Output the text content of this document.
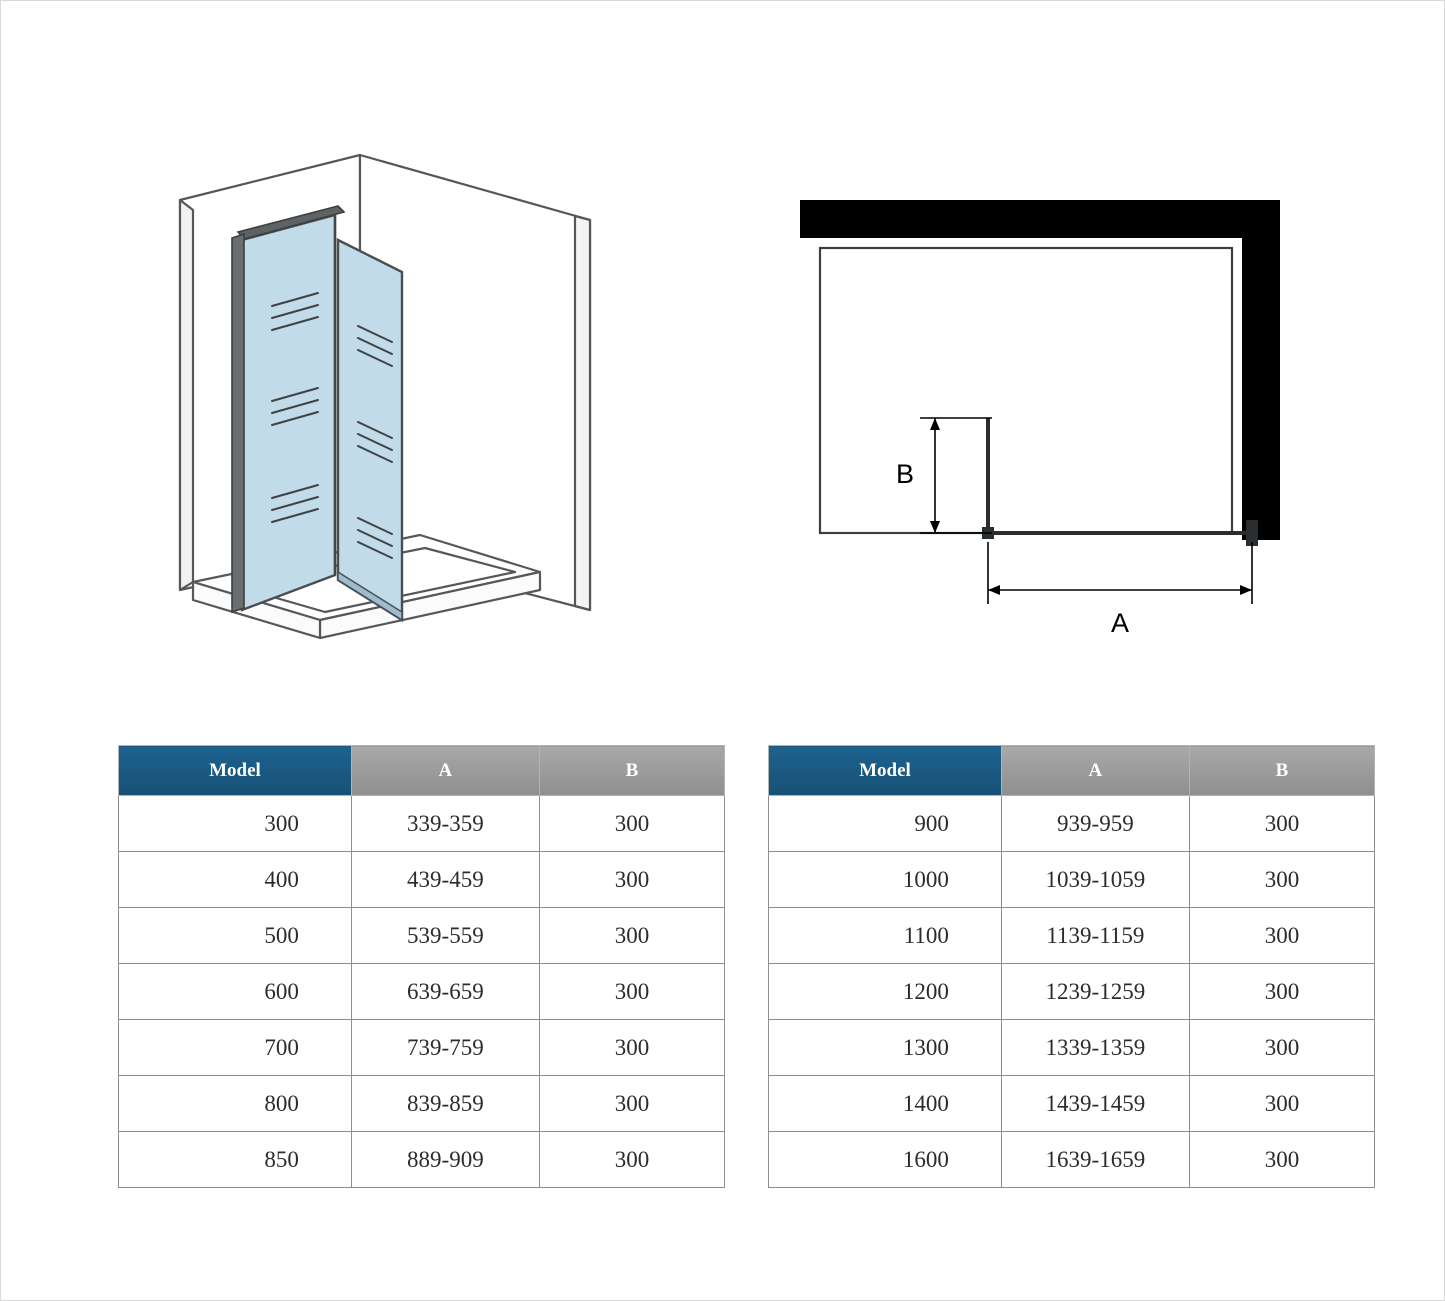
B
A
Model	A	B
300	339-359	300
400	439-459	300
500	539-559	300
600	639-659	300
700	739-759	300
800	839-859	300
850	889-909	300
Model	A	B
900	939-959	300
1000	1039-1059	300
1100	1139-1159	300
1200	1239-1259	300
1300	1339-1359	300
1400	1439-1459	300
1600	1639-1659	300
